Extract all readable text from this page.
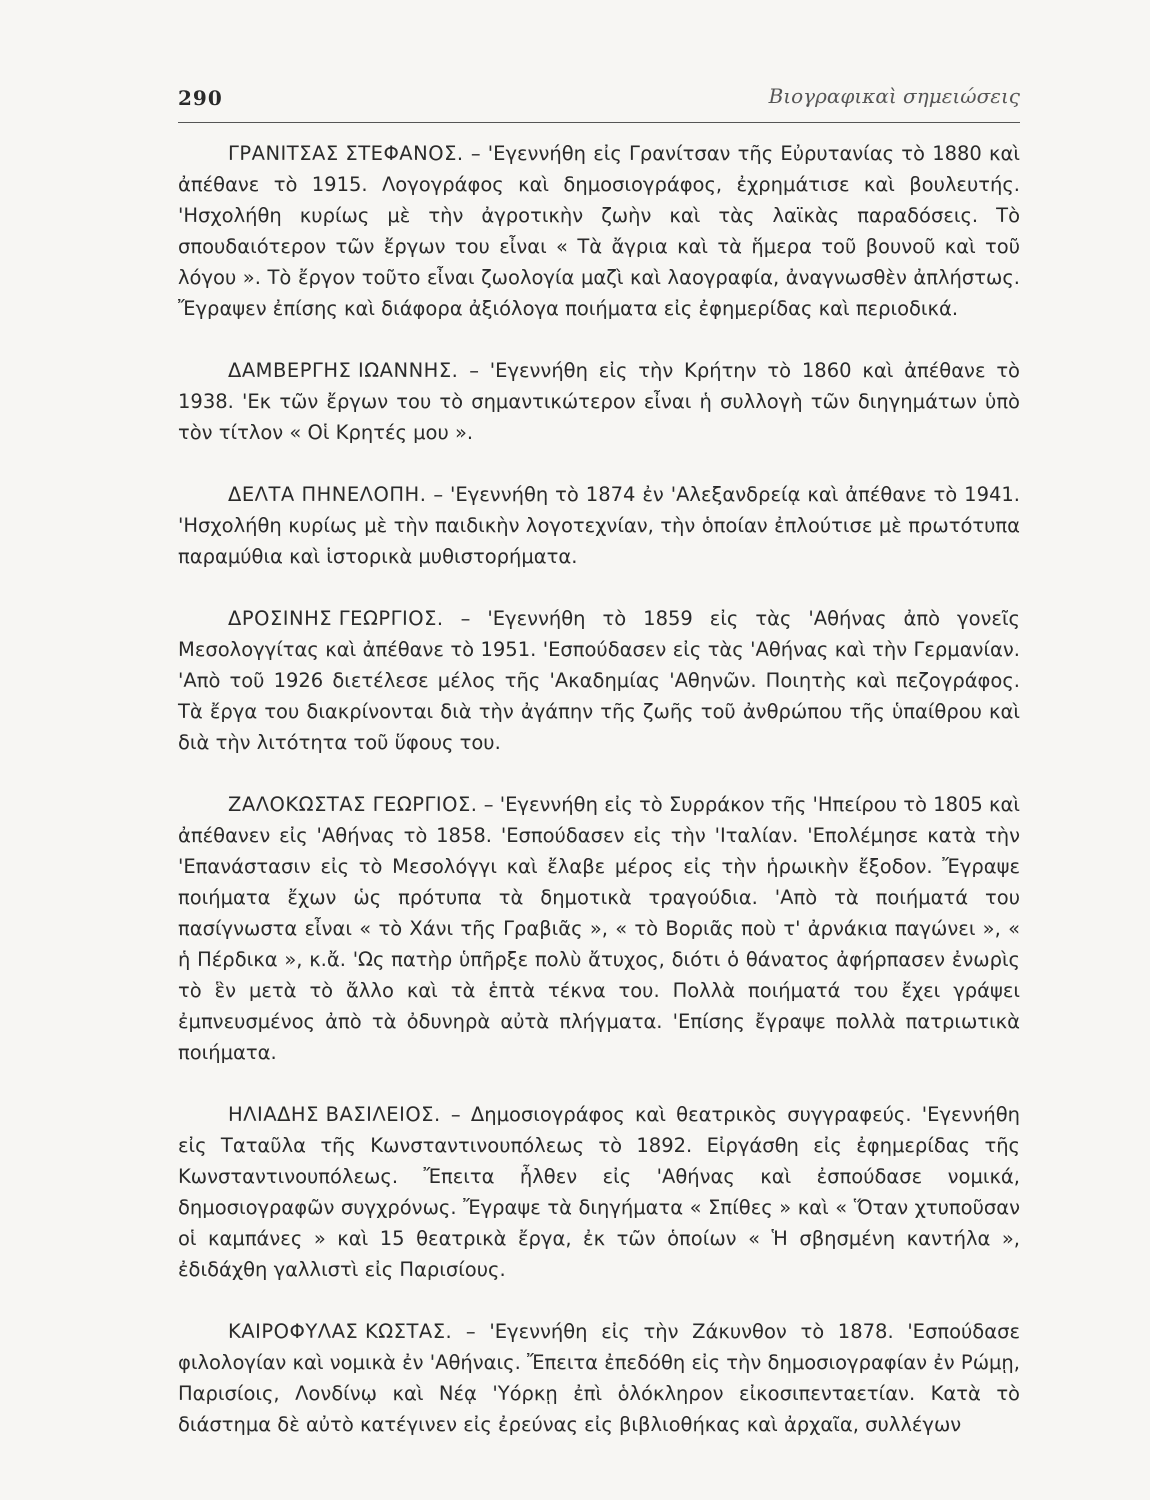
290	Βιογραφικαὶ σημειώσεις

ΓΡΑΝΙΤΣΑΣ ΣΤΕΦΑΝΟΣ. – 'Εγεννήθη εἰς Γρανίτσαν τῆς Εὐρυτανίας τὸ 1880 καὶ ἀπέθανε τὸ 1915. Λογογράφος καὶ δημοσιογράφος, ἐχρημάτισε καὶ βουλευτής. 'Ησχολήθη κυρίως μὲ τὴν ἀγροτικὴν ζωὴν καὶ τὰς λαϊκὰς παραδόσεις. Τὸ σπουδαιότερον τῶν ἔργων του εἶναι « Τὰ ἄγρια καὶ τὰ ἥμερα τοῦ βουνοῦ καὶ τοῦ λόγου ». Τὸ ἔργον τοῦτο εἶναι ζωολογία μαζὶ καὶ λαογραφία, ἀναγνωσθὲν ἀπλήστως. Ἔγραψεν ἐπίσης καὶ διάφορα ἀξιόλογα ποιήματα εἰς ἐφημερίδας καὶ περιοδικά.

ΔΑΜΒΕΡΓΗΣ ΙΩΑΝΝΗΣ. – 'Εγεννήθη εἰς τὴν Κρήτην τὸ 1860 καὶ ἀπέθανε τὸ 1938. 'Εκ τῶν ἔργων του τὸ σημαντικώτερον εἶναι ἡ συλλογὴ τῶν διηγημάτων ὑπὸ τὸν τίτλον « Οἱ Κρητές μου ».

ΔΕΛΤΑ ΠΗΝΕΛΟΠΗ. – 'Εγεννήθη τὸ 1874 ἐν 'Αλεξανδρείᾳ καὶ ἀπέθανε τὸ 1941. 'Ησχολήθη κυρίως μὲ τὴν παιδικὴν λογοτεχνίαν, τὴν ὁποίαν ἐπλούτισε μὲ πρωτότυπα παραμύθια καὶ ἱστορικὰ μυθιστορήματα.

ΔΡΟΣΙΝΗΣ ΓΕΩΡΓΙΟΣ. – 'Εγεννήθη τὸ 1859 εἰς τὰς 'Αθήνας ἀπὸ γονεῖς Μεσολογγίτας καὶ ἀπέθανε τὸ 1951. 'Εσπούδασεν εἰς τὰς 'Αθήνας καὶ τὴν Γερμανίαν. 'Απὸ τοῦ 1926 διετέλεσε μέλος τῆς 'Ακαδημίας 'Αθηνῶν. Ποιητὴς καὶ πεζογράφος. Τὰ ἔργα του διακρίνονται διὰ τὴν ἀγάπην τῆς ζωῆς τοῦ ἀνθρώπου τῆς ὑπαίθρου καὶ διὰ τὴν λιτότητα τοῦ ὕφους του.

ΖΑΛΟΚΩΣΤΑΣ ΓΕΩΡΓΙΟΣ. – 'Εγεννήθη εἰς τὸ Συρράκον τῆς 'Ηπείρου τὸ 1805 καὶ ἀπέθανεν εἰς 'Αθήνας τὸ 1858. 'Εσπούδασεν εἰς τὴν 'Ιταλίαν. 'Επολέμησε κατὰ τὴν 'Επανάστασιν εἰς τὸ Μεσολόγγι καὶ ἔλαβε μέρος εἰς τὴν ἡρωικὴν ἔξοδον. Ἔγραψε ποιήματα ἔχων ὡς πρότυπα τὰ δημοτικὰ τραγούδια. 'Απὸ τὰ ποιήματά του πασίγνωστα εἶναι « τὸ Χάνι τῆς Γραβιᾶς », « τὸ Βοριᾶς ποὺ τ' ἀρνάκια παγώνει », « ἡ Πέρδικα », κ.ἄ. 'Ως πατὴρ ὑπῆρξε πολὺ ἄτυχος, διότι ὁ θάνατος ἀφήρπασεν ἐνωρὶς τὸ ἓν μετὰ τὸ ἄλλο καὶ τὰ ἑπτὰ τέκνα του. Πολλὰ ποιήματά του ἔχει γράψει ἐμπνευσμένος ἀπὸ τὰ ὀδυνηρὰ αὐτὰ πλήγματα. 'Επίσης ἔγραψε πολλὰ πατριωτικὰ ποιήματα.

ΗΛΙΑΔΗΣ ΒΑΣΙΛΕΙΟΣ. – Δημοσιογράφος καὶ θεατρικὸς συγγραφεύς. 'Εγεννήθη εἰς Ταταῦλα τῆς Κωνσταντινουπόλεως τὸ 1892. Εἰργάσθη εἰς ἐφημερίδας τῆς Κωνσταντινουπόλεως. Ἔπειτα ἦλθεν εἰς 'Αθήνας καὶ ἐσπούδασε νομικά, δημοσιογραφῶν συγχρόνως. Ἔγραψε τὰ διηγήματα « Σπίθες » καὶ « Ὅταν χτυποῦσαν οἱ καμπάνες » καὶ 15 θεατρικὰ ἔργα, ἐκ τῶν ὁποίων « Ἡ σβησμένη καντήλα », ἐδιδάχθη γαλλιστὶ εἰς Παρισίους.

ΚΑΙΡΟΦΥΛΑΣ ΚΩΣΤΑΣ. – 'Εγεννήθη εἰς τὴν Ζάκυνθον τὸ 1878. 'Εσπούδασε φιλολογίαν καὶ νομικὰ ἐν 'Αθήναις. Ἔπειτα ἐπεδόθη εἰς τὴν δημοσιογραφίαν ἐν Ρώμῃ, Παρισίοις, Λονδίνῳ καὶ Νέᾳ 'Υόρκῃ ἐπὶ ὁλόκληρον εἰκοσιπενταετίαν. Κατὰ τὸ διάστημα δὲ αὐτὸ κατέγινεν εἰς ἐρεύνας εἰς βιβλιοθήκας καὶ ἀρχαῖα, συλλέγων
